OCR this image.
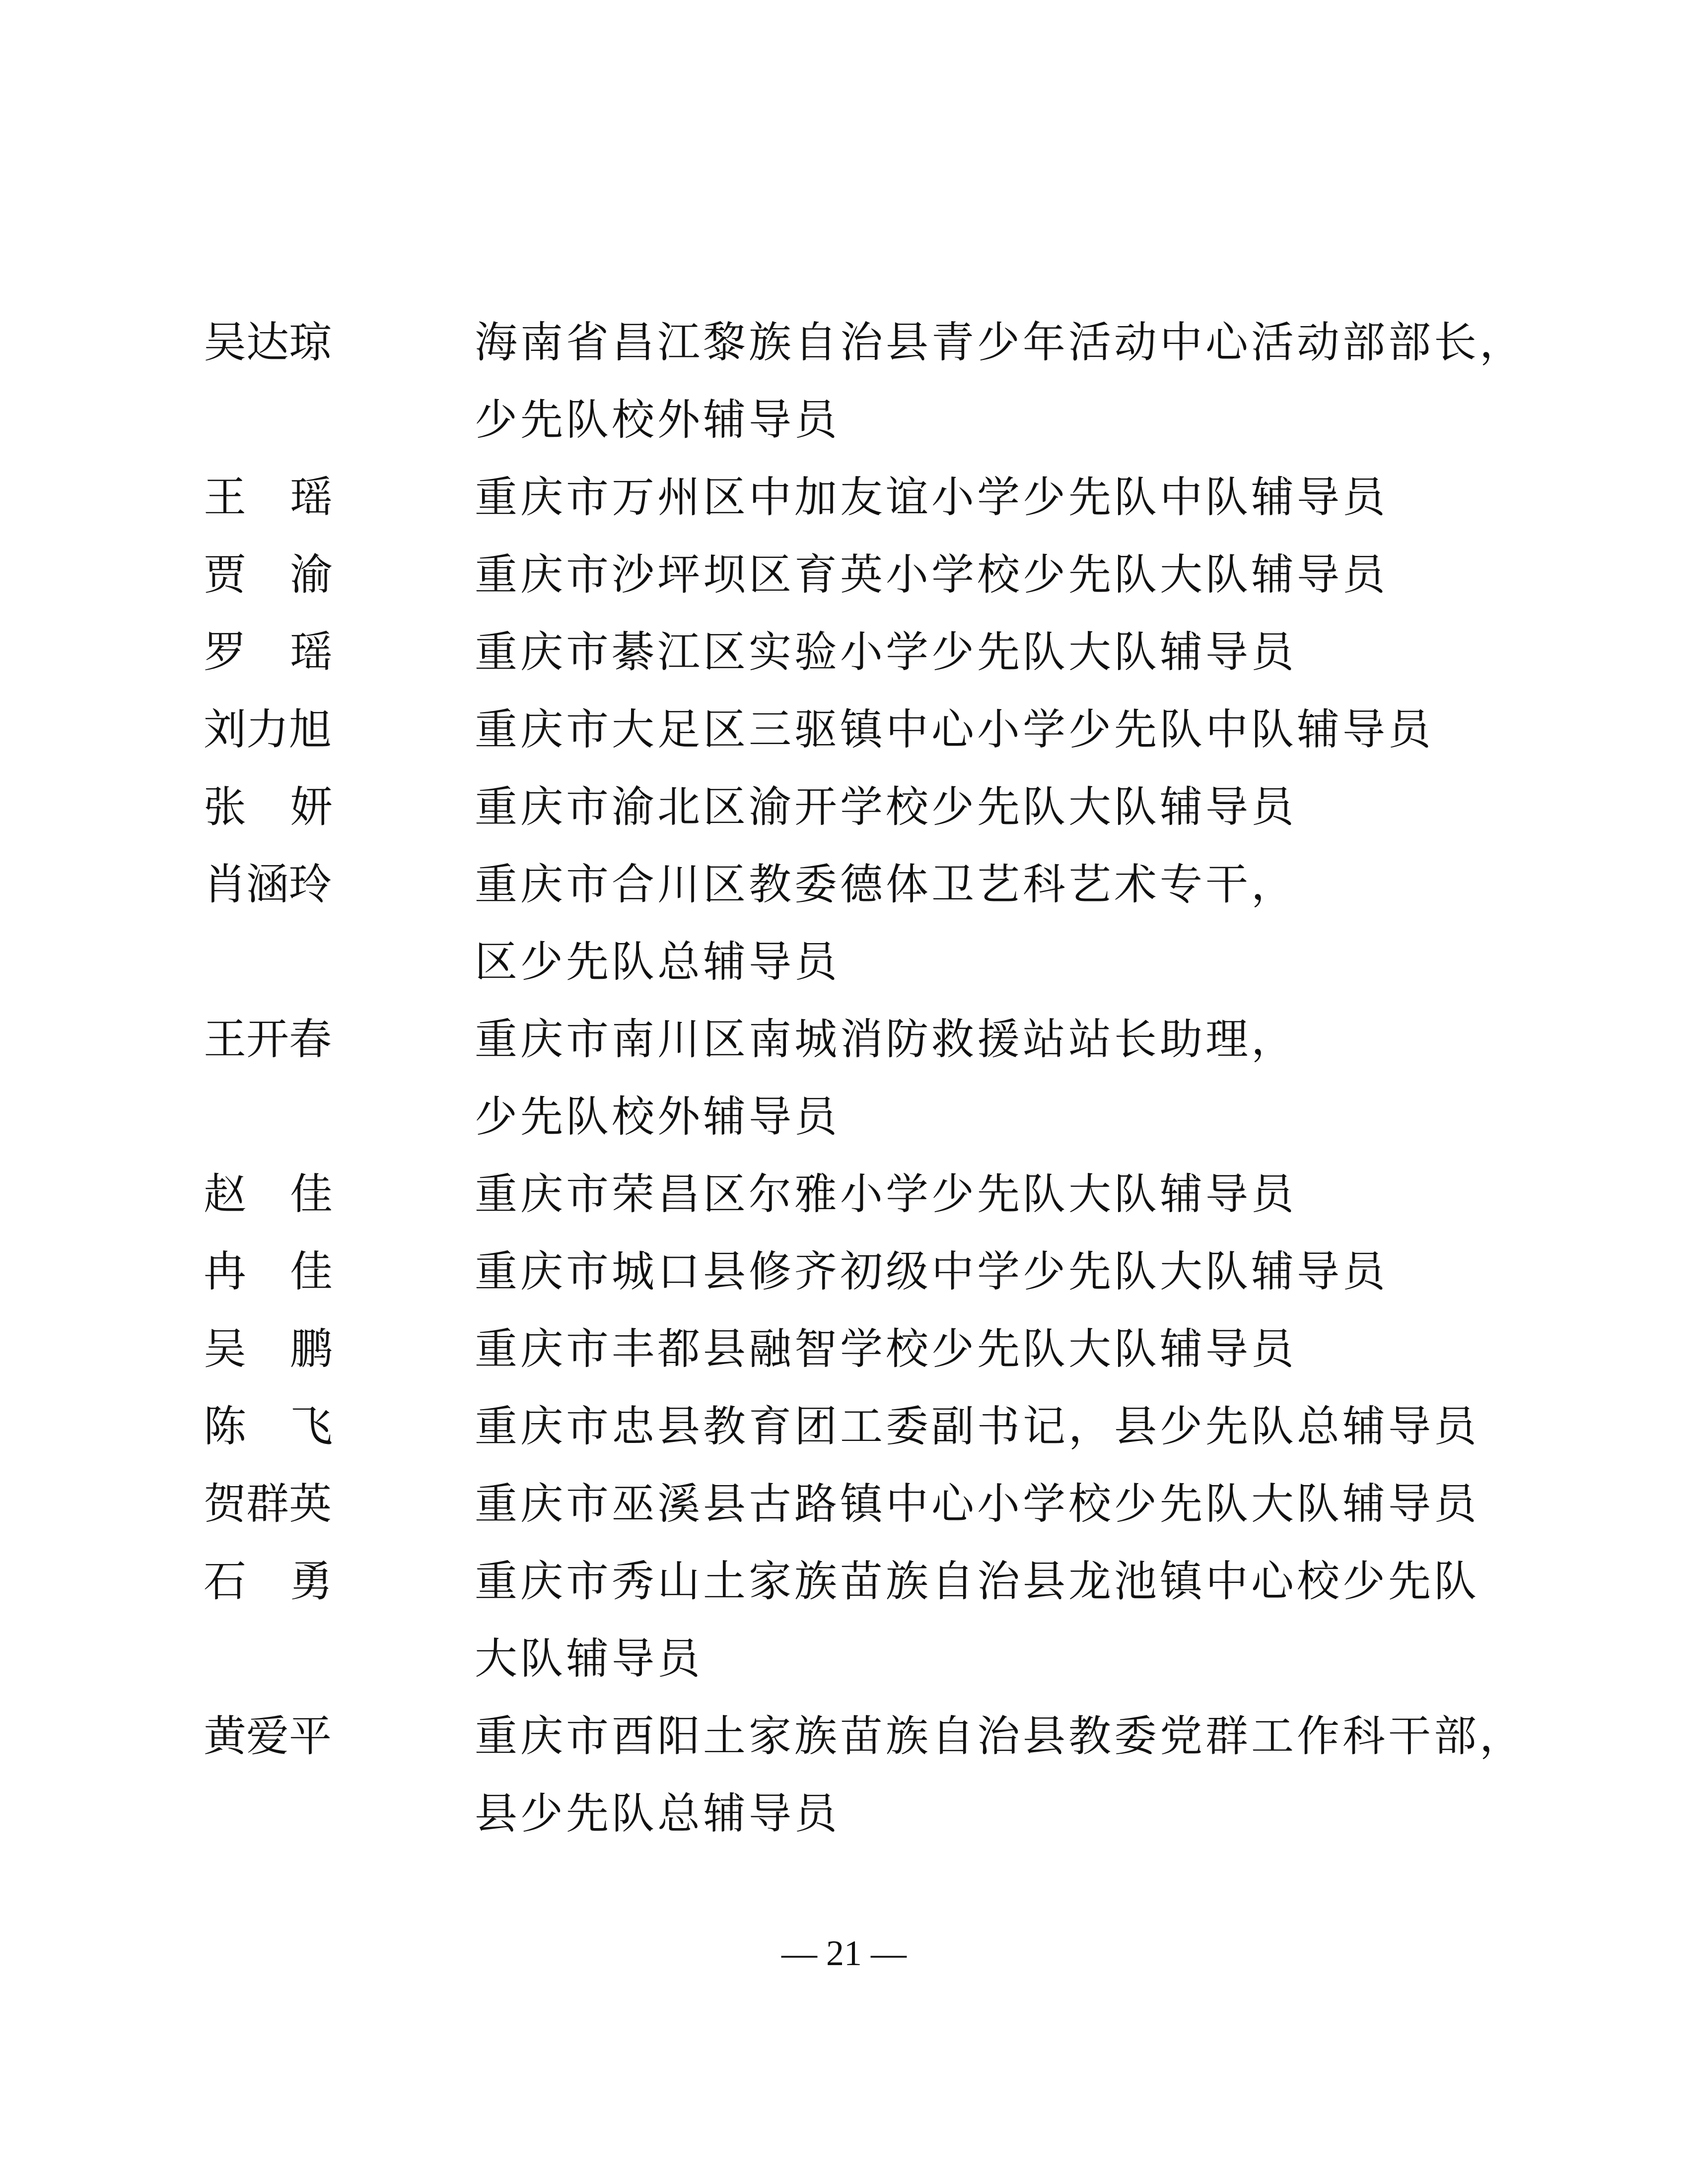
吴达琼	海南省昌江黎族自治县青少年活动中心活动部部长，
少先队校外辅导员
王 瑶	重庆市万州区中加友谊小学少先队中队辅导员
贾 渝	重庆市沙坪坝区育英小学校少先队大队辅导员
罗 瑶	重庆市綦江区实验小学少先队大队辅导员
刘力旭	重庆市大足区三驱镇中心小学少先队中队辅导员
张 妍	重庆市渝北区渝开学校少先队大队辅导员
肖涵玲	重庆市合川区教委德体卫艺科艺术专干，
区少先队总辅导员
王开春	重庆市南川区南城消防救援站站长助理，
少先队校外辅导员
赵 佳	重庆市荣昌区尔雅小学少先队大队辅导员
冉 佳	重庆市城口县修齐初级中学少先队大队辅导员
吴 鹏	重庆市丰都县融智学校少先队大队辅导员
陈 飞	重庆市忠县教育团工委副书记，县少先队总辅导员
贺群英	重庆市巫溪县古路镇中心小学校少先队大队辅导员
石 勇	重庆市秀山土家族苗族自治县龙池镇中心校少先队
大队辅导员
黄爱平	重庆市酉阳土家族苗族自治县教委党群工作科干部，
县少先队总辅导员
— 21 —
